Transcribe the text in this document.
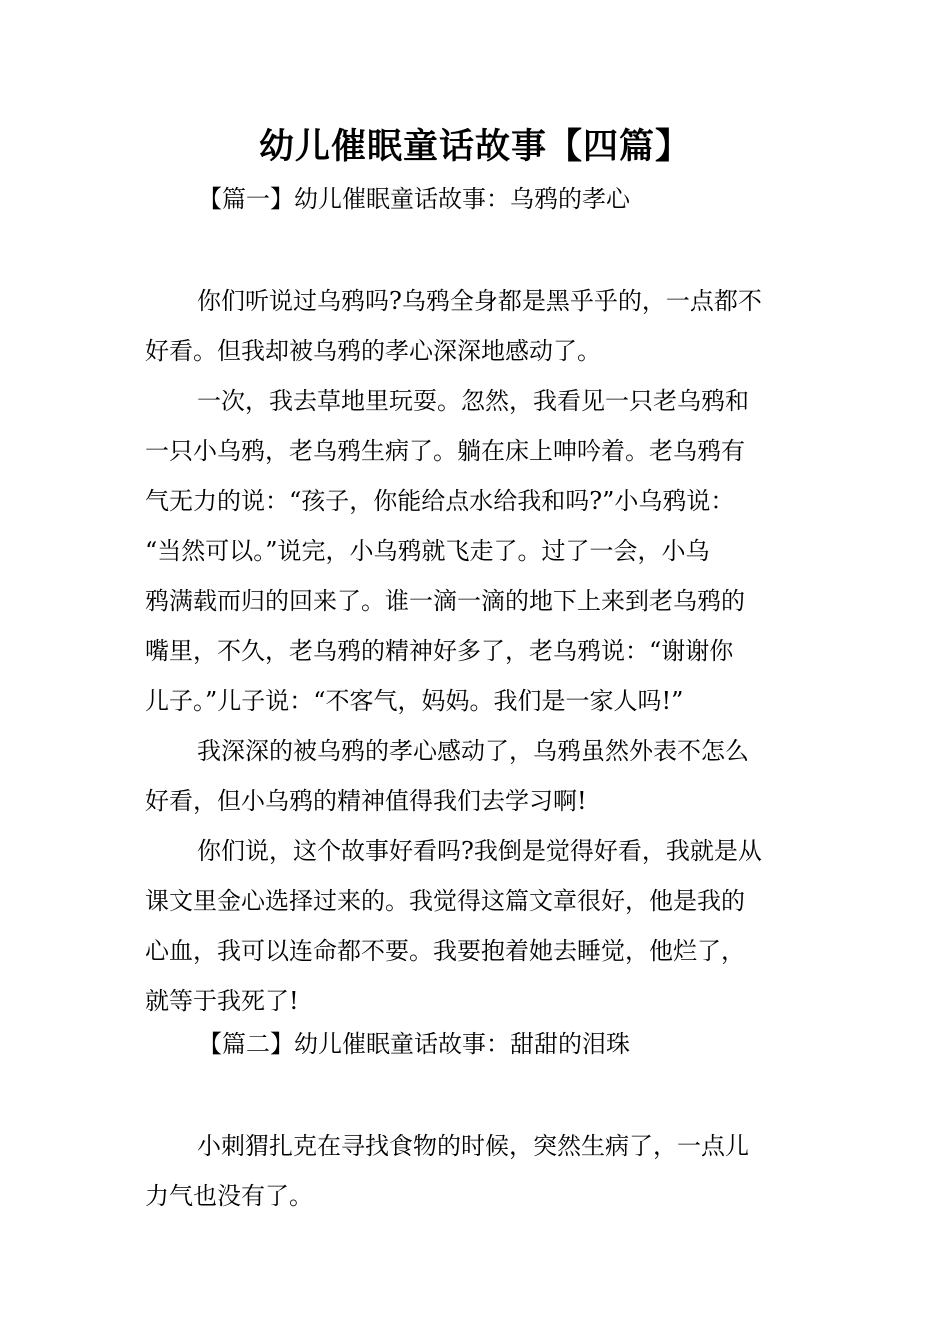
幼儿催眠童话故事【四篇】
【篇一】幼儿催眠童话故事：乌鸦的孝心

你们听说过乌鸦吗?乌鸦全身都是黑乎乎的，一点都不
好看。但我却被乌鸦的孝心深深地感动了。

一次，我去草地里玩耍。忽然，我看见一只老乌鸦和
一只小乌鸦，老乌鸦生病了。躺在床上呻吟着。老乌鸦有
气无力的说：“孩子，你能给点水给我和吗?”小乌鸦说：
“当然可以。”说完，小乌鸦就飞走了。过了一会，小乌
鸦满载而归的回来了。谁一滴一滴的地下上来到老乌鸦的
嘴里，不久，老乌鸦的精神好多了，老乌鸦说：“谢谢你
儿子。”儿子说：“不客气，妈妈。我们是一家人吗!”

我深深的被乌鸦的孝心感动了，乌鸦虽然外表不怎么
好看，但小乌鸦的精神值得我们去学习啊!

你们说，这个故事好看吗?我倒是觉得好看，我就是从
课文里金心选择过来的。我觉得这篇文章很好，他是我的
心血，我可以连命都不要。我要抱着她去睡觉，他烂了，
就等于我死了!

【篇二】幼儿催眠童话故事：甜甜的泪珠

小刺猬扎克在寻找食物的时候，突然生病了，一点儿
力气也没有了。
